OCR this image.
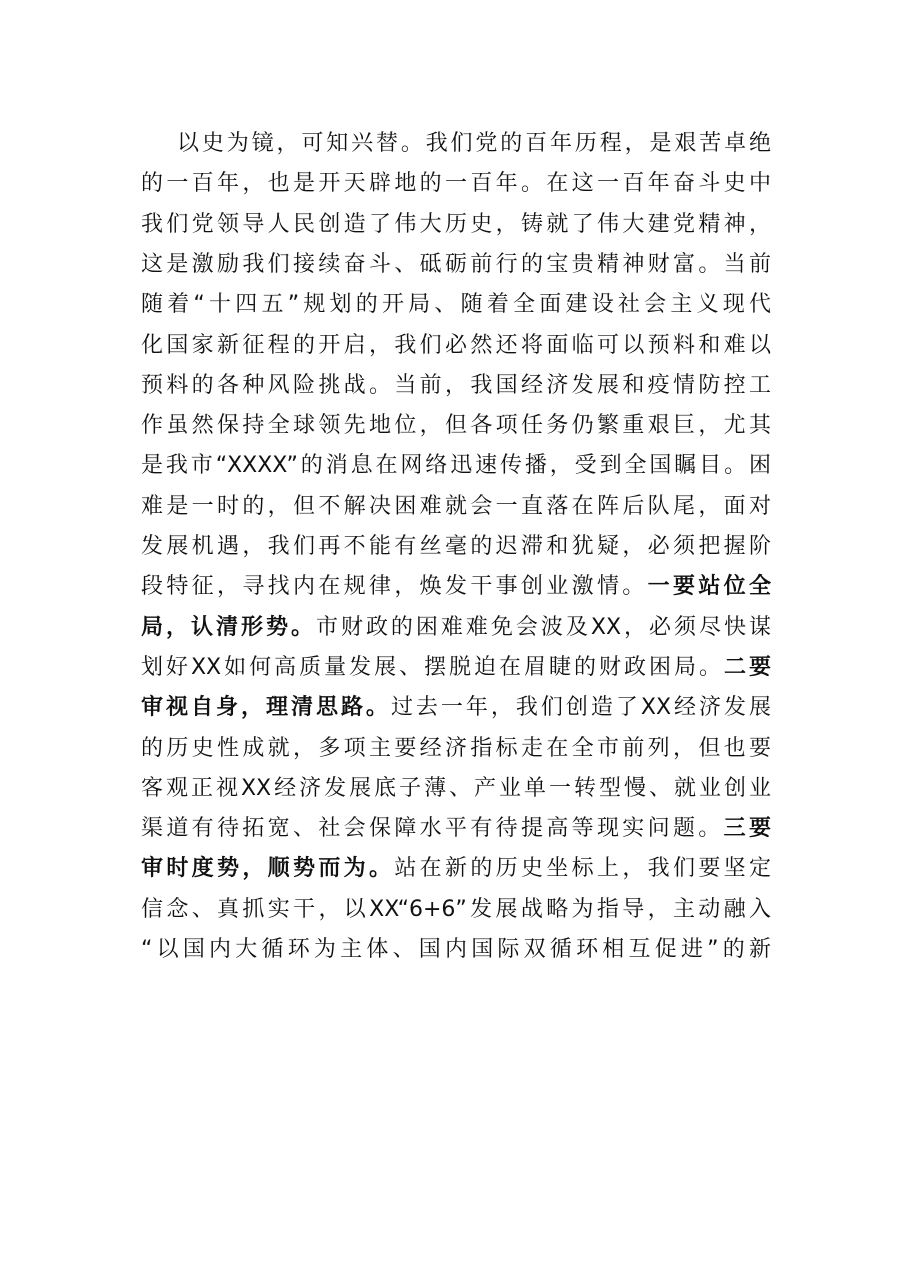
以史为镜，可知兴替。我们党的百年历程，是艰苦卓绝
的一百年，也是开天辟地的一百年。在这一百年奋斗史中
我们党领导人民创造了伟大历史，铸就了伟大建党精神，
这是激励我们接续奋斗、砥砺前行的宝贵精神财富。当前
随着“十四五”规划的开局、随着全面建设社会主义现代
化国家新征程的开启，我们必然还将面临可以预料和难以
预料的各种风险挑战。当前，我国经济发展和疫情防控工
作虽然保持全球领先地位，但各项任务仍繁重艰巨，尤其
是我市“XXXX”的消息在网络迅速传播，受到全国瞩目。困
难是一时的，但不解决困难就会一直落在阵后队尾，面对
发展机遇，我们再不能有丝毫的迟滞和犹疑，必须把握阶
段特征，寻找内在规律，焕发干事创业激情。一要站位全
局，认清形势。市财政的困难难免会波及XX，必须尽快谋
划好XX如何高质量发展、摆脱迫在眉睫的财政困局。二要
审视自身，理清思路。过去一年，我们创造了XX经济发展
的历史性成就，多项主要经济指标走在全市前列，但也要
客观正视XX经济发展底子薄、产业单一转型慢、就业创业
渠道有待拓宽、社会保障水平有待提高等现实问题。三要
审时度势，顺势而为。站在新的历史坐标上，我们要坚定
信念、真抓实干，以XX“6+6”发展战略为指导，主动融入
“以国内大循环为主体、国内国际双循环相互促进”的新
